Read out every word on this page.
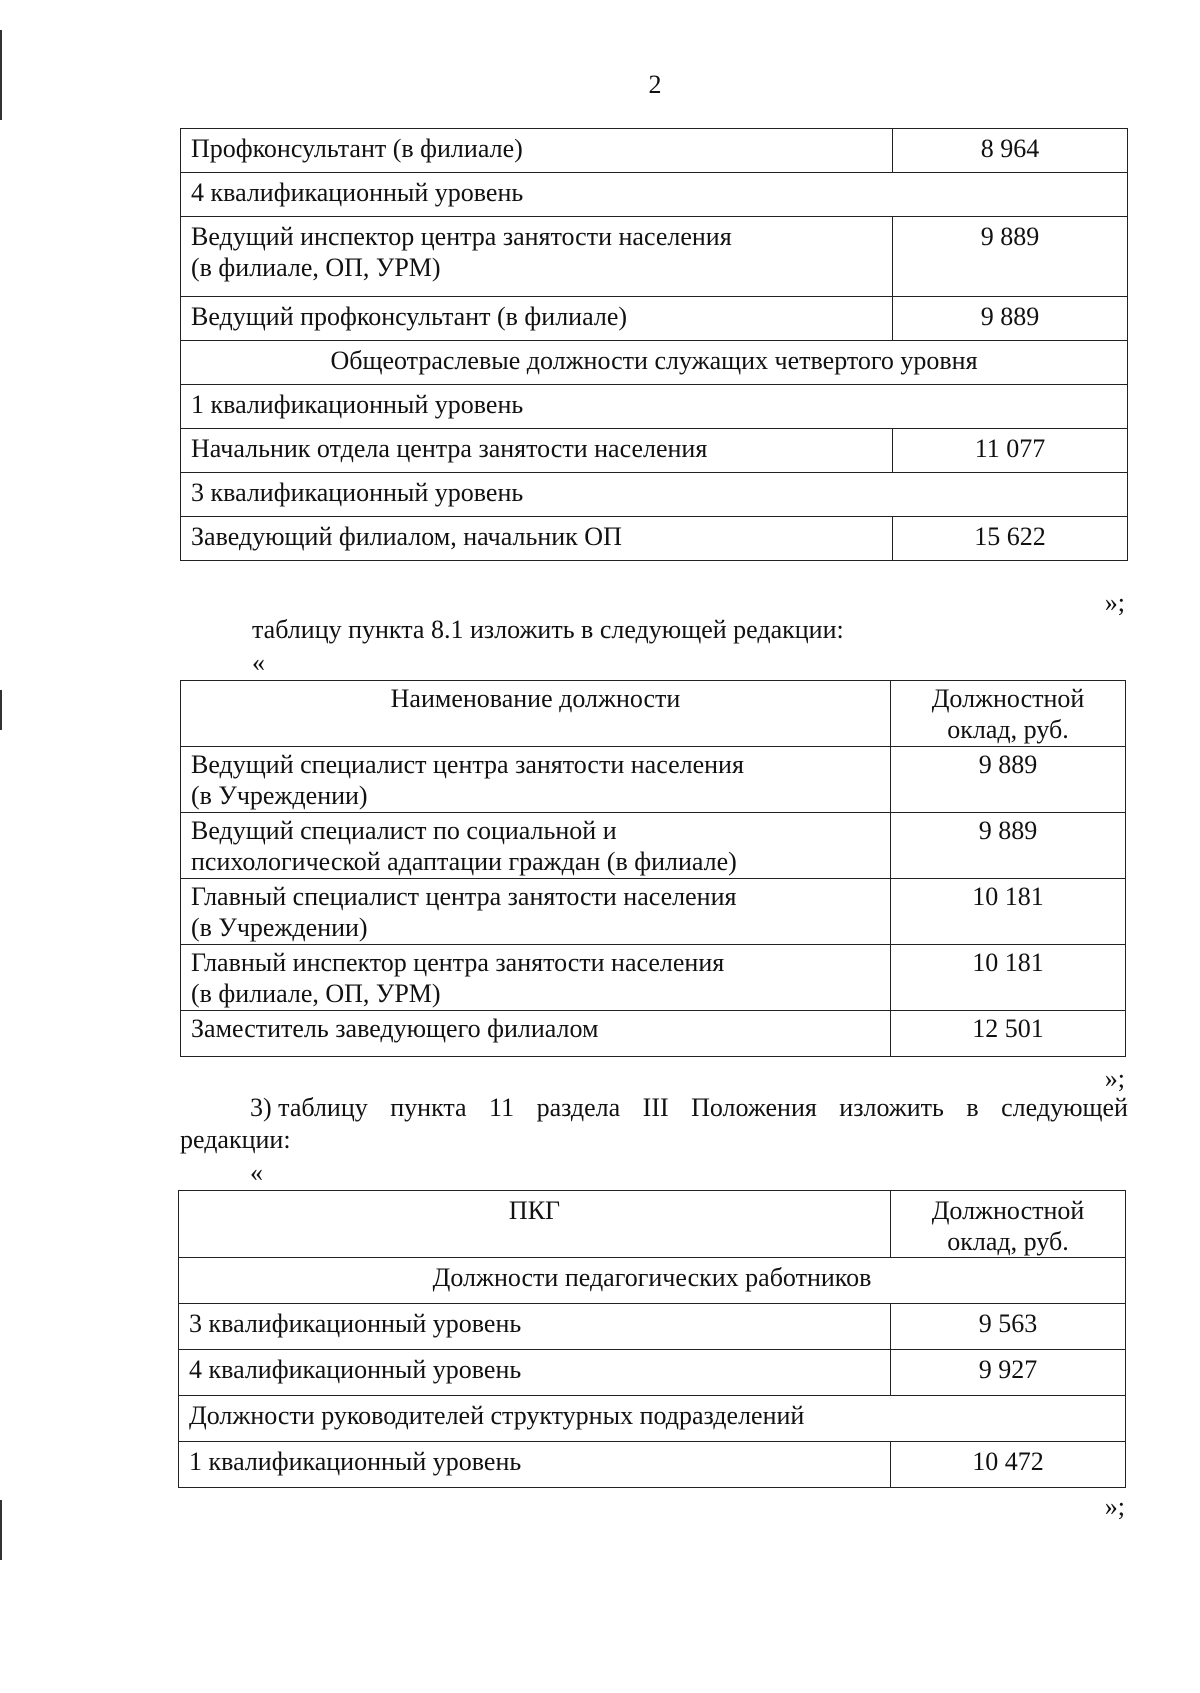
2
Профконсультант (в филиале)	8 964
4 квалификационный уровень	

Ведущий инспектор центра занятости населения
(в филиале, ОП, УРМ)	9 889
Ведущий профконсультант (в филиале)	9 889
Общеотраслевые должности служащих четвертого уровня	
1 квалификационный уровень	
Начальник отдела центра занятости населения	11 077
3 квалификационный уровень	
Заведующий филиалом, начальник ОП	15 622
»;
таблицу пункта 8.1 изложить в следующей редакции:
«
Наименование должности	Должностной
оклад, руб.

Ведущий специалист центра занятости населения
(в Учреждении)	9 889

Ведущий специалист по социальной и
психологической адаптации граждан (в филиале)	9 889

Главный специалист центра занятости населения
(в Учреждении)	10 181

Главный инспектор центра занятости населения
(в филиале, ОП, УРМ)	10 181
Заместитель заведующего филиалом	12 501
»;
3) таблицу пункта 11 раздела III Положения изложить в следующей
редакции:
«
ПКГ	Должностной
оклад, руб.

Должности педагогических работников	
3 квалификационный уровень	9 563
4 квалификационный уровень	9 927
Должности руководителей структурных подразделений	
1 квалификационный уровень	10 472
»;
